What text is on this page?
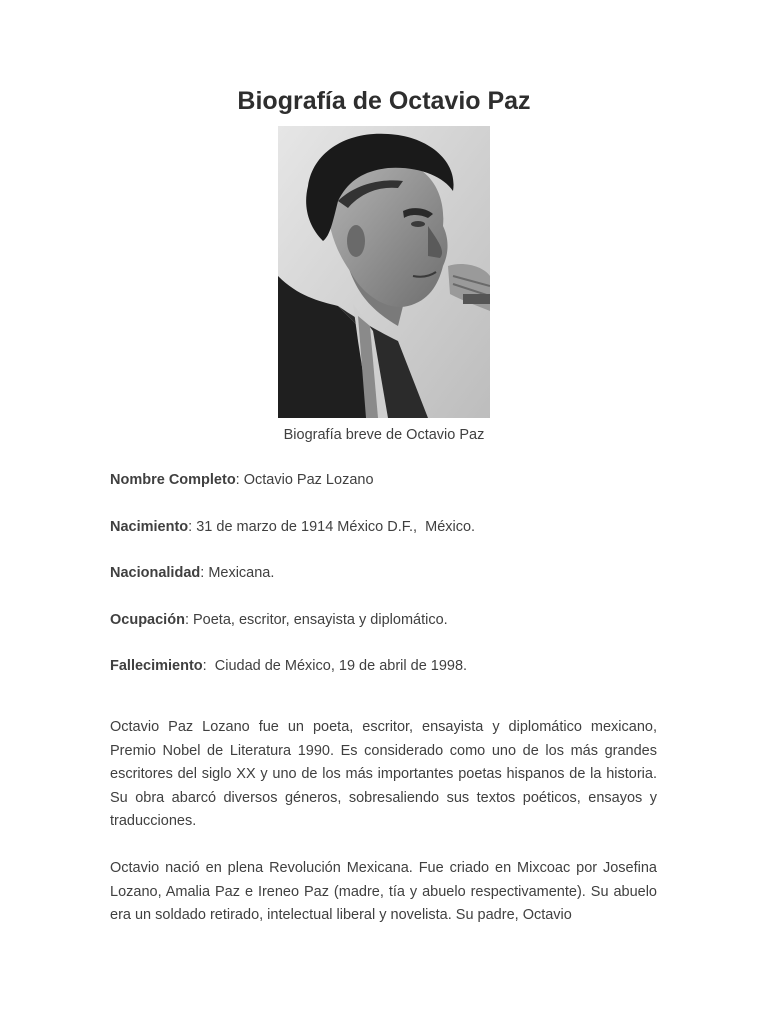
Biografía de Octavio Paz
Biografía breve de Octavio Paz
Nombre Completo: Octavio Paz Lozano
Nacimiento: 31 de marzo de 1914 México D.F.,  México.
Nacionalidad: Mexicana.
Ocupación: Poeta, escritor, ensayista y diplomático.
Fallecimiento:  Ciudad de México, 19 de abril de 1998.

Octavio Paz Lozano fue un poeta, escritor, ensayista y diplomático mexicano, Premio Nobel de Literatura 1990. Es considerado como uno de los más grandes escritores del siglo XX y uno de los más importantes poetas hispanos de la historia. Su obra abarcó diversos géneros, sobresaliendo sus textos poéticos, ensayos y traducciones.

Octavio nació en plena Revolución Mexicana. Fue criado en Mixcoac por Josefina Lozano, Amalia Paz e Ireneo Paz (madre, tía y abuelo respectivamente). Su abuelo era un soldado retirado, intelectual liberal y novelista. Su padre, Octavio
